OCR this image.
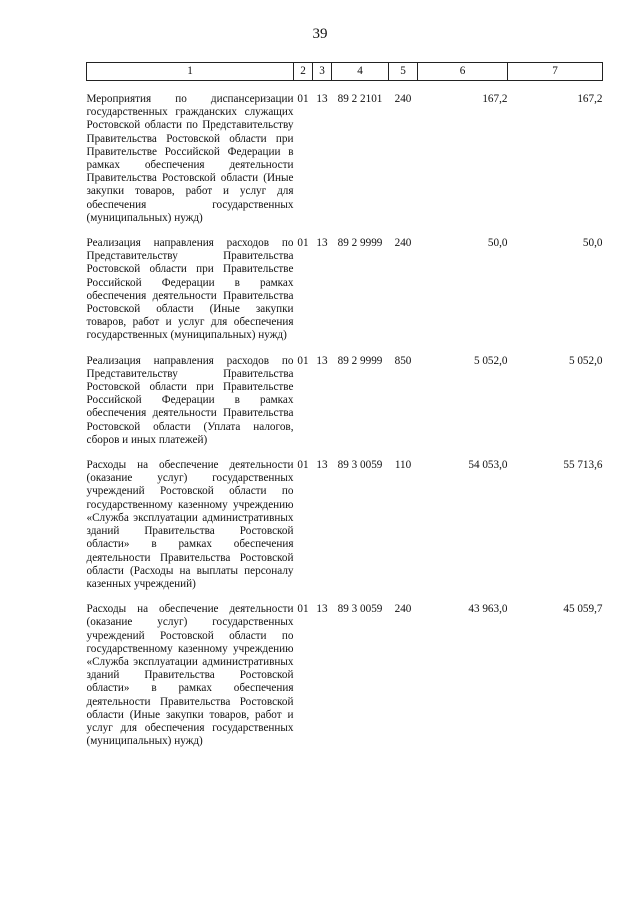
39
1	2	3	4	5	6	7

Мероприятия по диспансеризации государственных гражданских служащих Ростовской области по Представительству Правительства Ростовской области при Правительстве Российской Федерации в рамках обеспечения деятельности Правительства Ростовской области (Иные закупки товаров, работ и услуг для обеспечения государственных (муниципальных) нужд)	01	13	89 2 2101	240	167,2	167,2

Реализация направления расходов по Представительству Правительства Ростовской области при Правительстве Российской Федерации в рамках обеспечения деятельности Правительства Ростовской области (Иные закупки товаров, работ и услуг для обеспечения государственных (муниципальных) нужд)	01	13	89 2 9999	240	50,0	50,0

Реализация направления расходов по Представительству Правительства Ростовской области при Правительстве Российской Федерации в рамках обеспечения деятельности Правительства Ростовской области (Уплата налогов, сборов и иных платежей)	01	13	89 2 9999	850	5 052,0	5 052,0

Расходы на обеспечение деятельности (оказание услуг) государственных учреждений Ростовской области по государственному казенному учреждению «Служба эксплуатации административных зданий Правительства Ростовской области» в рамках обеспечения деятельности Правительства Ростовской области (Расходы на выплаты персоналу казенных учреждений)	01	13	89 3 0059	110	54 053,0	55 713,6

Расходы на обеспечение деятельности (оказание услуг) государственных учреждений Ростовской области по государственному казенному учреждению «Служба эксплуатации административных зданий Правительства Ростовской области» в рамках обеспечения деятельности Правительства Ростовской области (Иные закупки товаров, работ и услуг для обеспечения государственных (муниципальных) нужд)	01	13	89 3 0059	240	43 963,0	45 059,7
